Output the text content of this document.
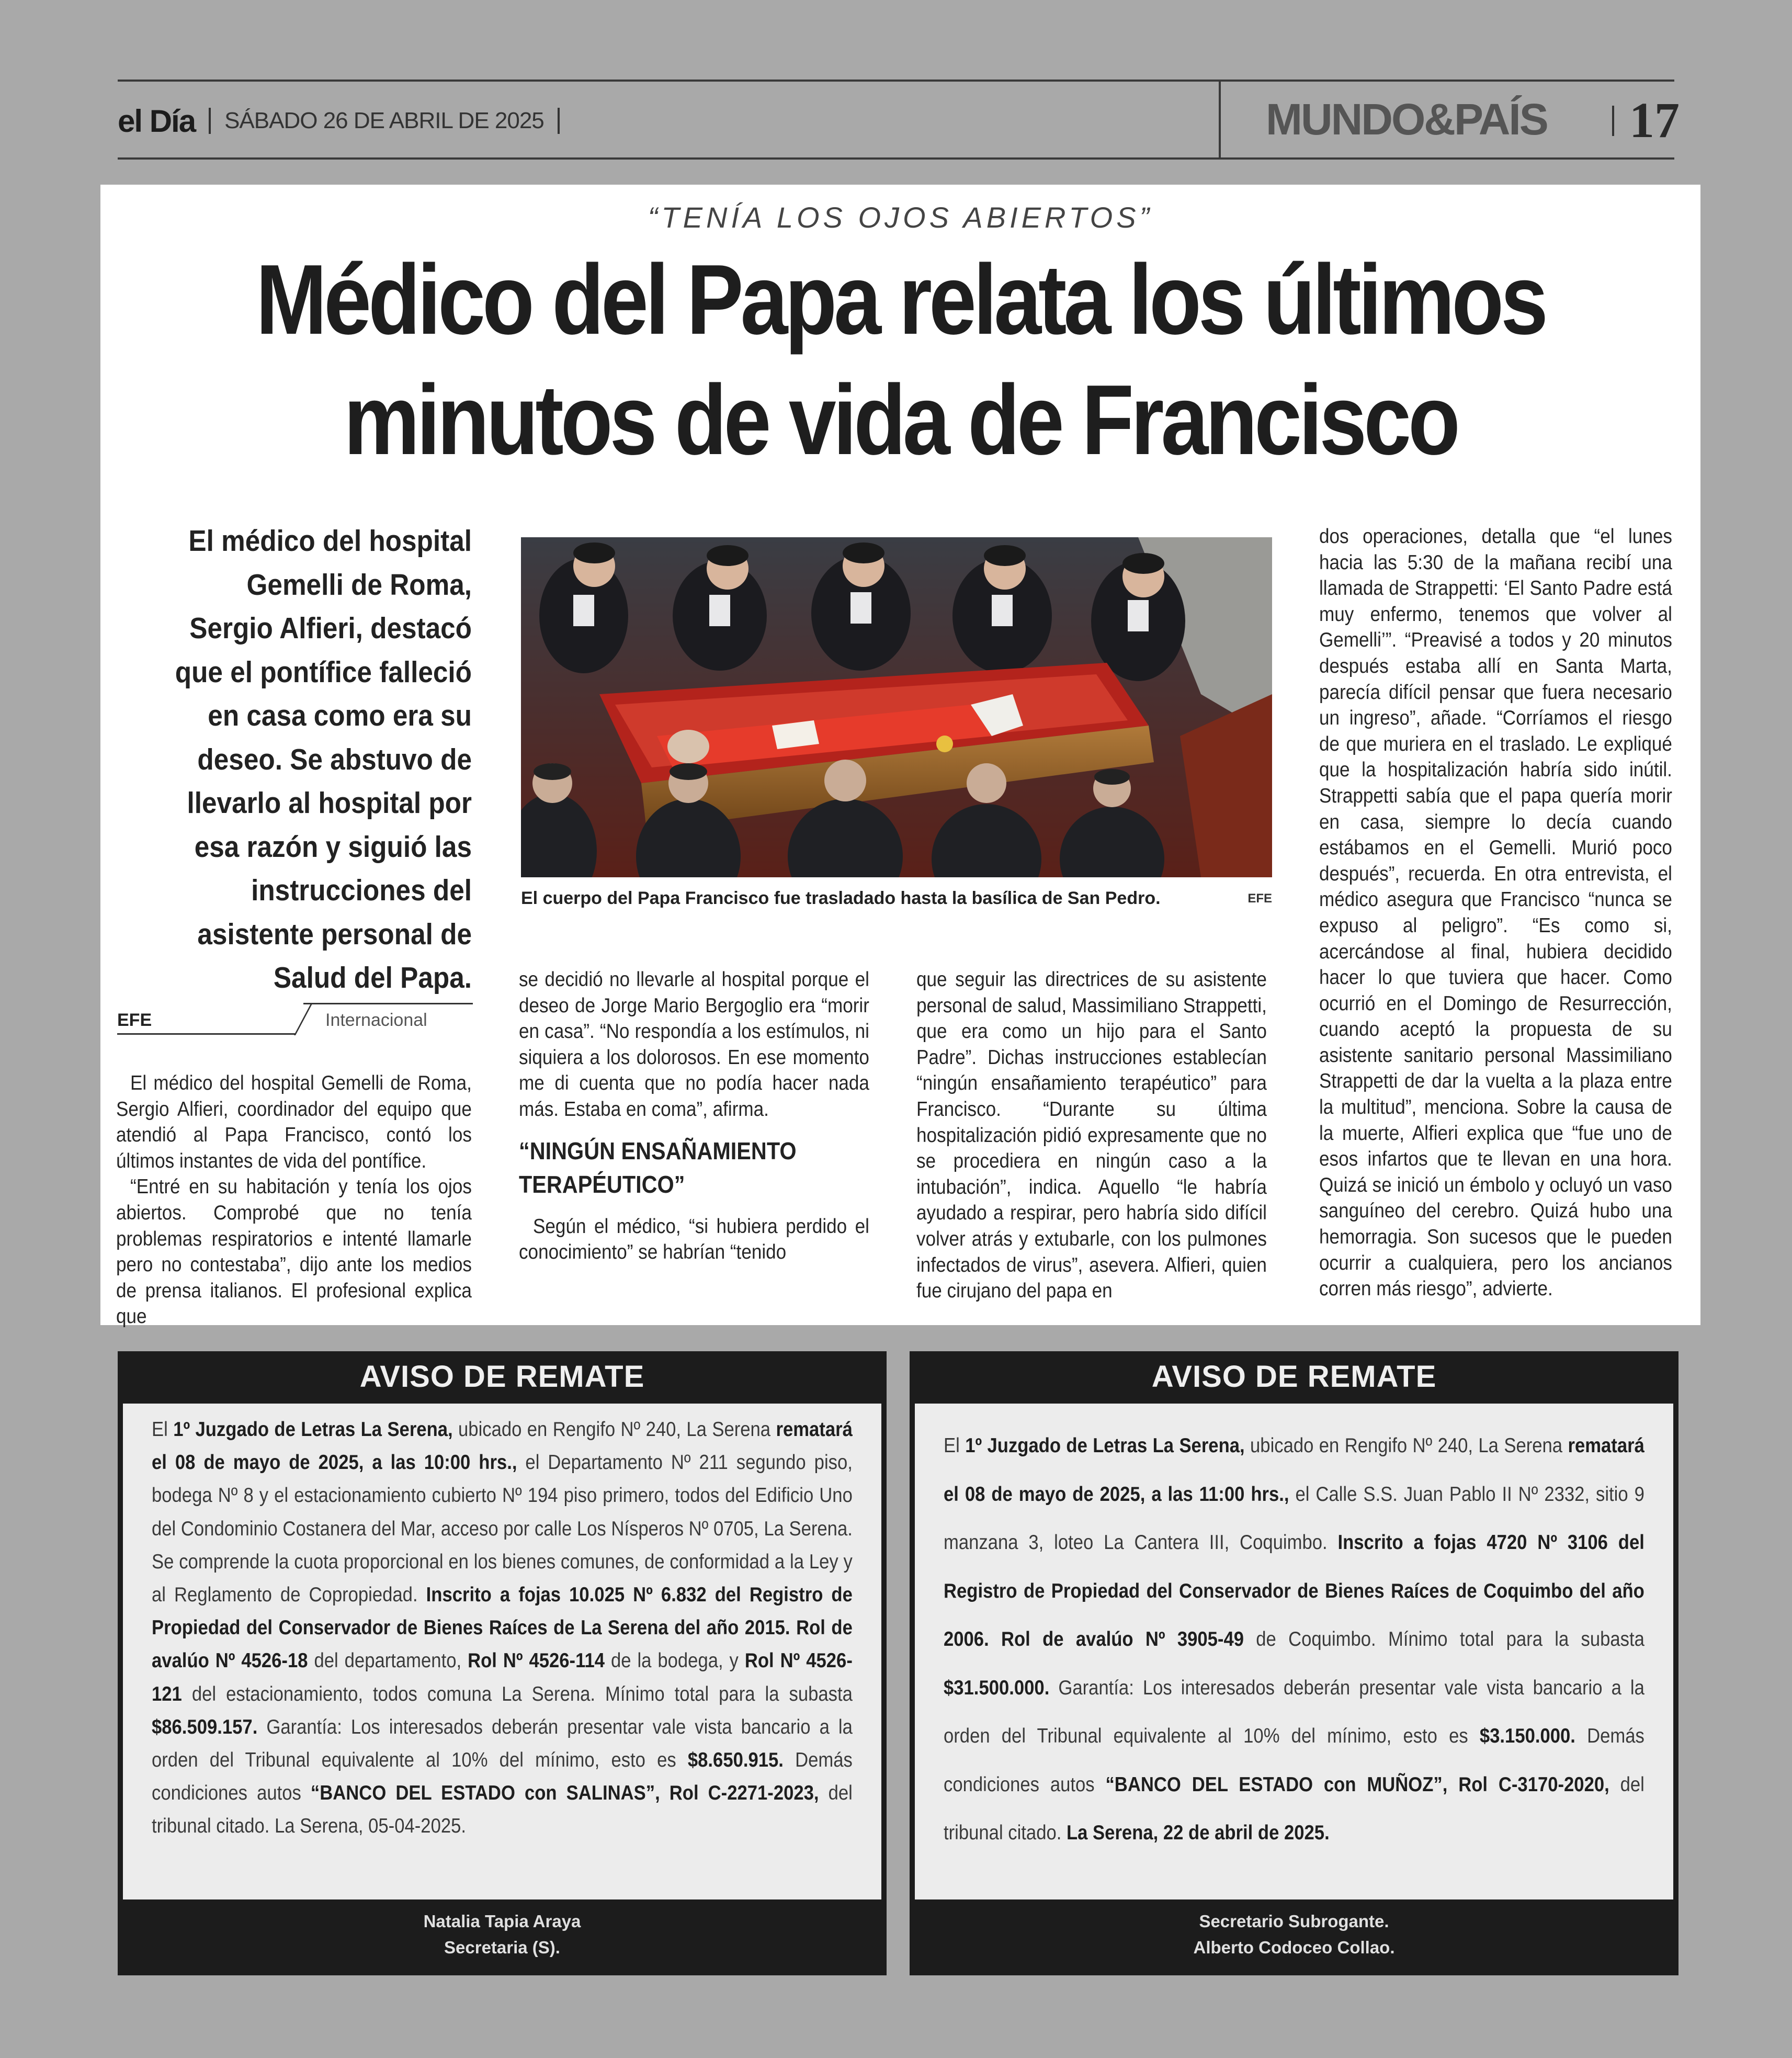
el Día SÁBADO 26 DE ABRIL DE 2025	MUNDO&PAÍS 17
“TENÍA LOS OJOS ABIERTOS”
Médico del Papa relata los últimos
minutos de vida de Francisco
El médico del hospital Gemelli de Roma, Sergio Alfieri, destacó que el pontífice falleció en casa como era su deseo. Se abstuvo de llevarlo al hospital por esa razón y siguió las instrucciones del asistente personal de Salud del Papa.
EFE	Internacional
El cuerpo del Papa Francisco fue trasladado hasta la basílica de San Pedro.	EFE

El médico del hospital Gemelli de Roma, Sergio Alfieri, coordinador del equipo que atendió al Papa Francisco, contó los últimos instantes de vida del pontífice.

“Entré en su habitación y tenía los ojos abiertos. Comprobé que no tenía problemas respiratorios e intenté llamarle pero no contestaba”, dijo ante los medios de prensa italianos. El profesional explica que

se decidió no llevarle al hospital porque el deseo de Jorge Mario Bergoglio era “morir en casa”. “No respondía a los estímulos, ni siquiera a los dolorosos. En ese momento me di cuenta que no podía hacer nada más. Estaba en coma”, afirma.

“NINGÚN ENSAÑAMIENTO TERAPÉUTICO”

Según el médico, “si hubiera perdido el conocimiento” se habrían “tenido

que seguir las directrices de su asistente personal de salud, Massimiliano Strappetti, que era como un hijo para el Santo Padre”. Dichas instrucciones establecían “ningún ensañamiento terapéutico” para Francisco. “Durante su última hospitalización pidió expresamente que no se procediera en ningún caso a la intubación”, indica. Aquello “le habría ayudado a respirar, pero habría sido difícil volver atrás y extubarle, con los pulmones infectados de virus”, asevera. Alfieri, quien fue cirujano del papa en

dos operaciones, detalla que “el lunes hacia las 5:30 de la mañana recibí una llamada de Strappetti: ‘El Santo Padre está muy enfermo, tenemos que volver al Gemelli’”. “Preavisé a todos y 20 minutos después estaba allí en Santa Marta, parecía difícil pensar que fuera necesario un ingreso”, añade. “Corríamos el riesgo de que muriera en el traslado. Le expliqué que la hospitalización habría sido inútil. Strappetti sabía que el papa quería morir en casa, siempre lo decía cuando estábamos en el Gemelli. Murió poco después”, recuerda. En otra entrevista, el médico asegura que Francisco “nunca se expuso al peligro”. “Es como si, acercándose al final, hubiera decidido hacer lo que tuviera que hacer. Como ocurrió en el Domingo de Resurrección, cuando aceptó la propuesta de su asistente sanitario personal Massimiliano Strappetti de dar la vuelta a la plaza entre la multitud”, menciona. Sobre la causa de la muerte, Alfieri explica que “fue uno de esos infartos que te llevan en una hora. Quizá se inició un émbolo y ocluyó un vaso sanguíneo del cerebro. Quizá hubo una hemorragia. Son sucesos que le pueden ocurrir a cualquiera, pero los ancianos corren más riesgo”, advierte.

AVISO DE REMATE
El 1º Juzgado de Letras La Serena, ubicado en Rengifo Nº 240, La Serena rematará el 08 de mayo de 2025, a las 10:00 hrs., el Departamento Nº 211 segundo piso, bodega Nº 8 y el estacionamiento cubierto Nº 194 piso primero, todos del Edificio Uno del Condominio Costanera del Mar, acceso por calle Los Nísperos Nº 0705, La Serena. Se comprende la cuota proporcional en los bienes comunes, de conformidad a la Ley y al Reglamento de Copropiedad. Inscrito a fojas 10.025 Nº 6.832 del Registro de Propiedad del Conservador de Bienes Raíces de La Serena del año 2015. Rol de avalúo Nº 4526-18 del departamento, Rol Nº 4526-114 de la bodega, y Rol Nº 4526-121 del estacionamiento, todos comuna La Serena. Mínimo total para la subasta $86.509.157. Garantía: Los interesados deberán presentar vale vista bancario a la orden del Tribunal equivalente al 10% del mínimo, esto es $8.650.915. Demás condiciones autos “BANCO DEL ESTADO con SALINAS”, Rol C-2271-2023, del tribunal citado. La Serena, 05-04-2025.
Natalia Tapia Araya
Secretaria (S).
AVISO DE REMATE
El 1º Juzgado de Letras La Serena, ubicado en Rengifo Nº 240, La Serena rematará el 08 de mayo de 2025, a las 11:00 hrs., el Calle S.S. Juan Pablo II Nº 2332, sitio 9 manzana 3, loteo La Cantera III, Coquimbo. Inscrito a fojas 4720 Nº 3106 del Registro de Propiedad del Conservador de Bienes Raíces de Coquimbo del año 2006. Rol de avalúo Nº 3905-49 de Coquimbo. Mínimo total para la subasta $31.500.000. Garantía: Los interesados deberán presentar vale vista bancario a la orden del Tribunal equivalente al 10% del mínimo, esto es $3.150.000. Demás condiciones autos “BANCO DEL ESTADO con MUÑOZ”, Rol C-3170-2020, del tribunal citado. La Serena, 22 de abril de 2025.
Secretario Subrogante.
Alberto Codoceo Collao.
